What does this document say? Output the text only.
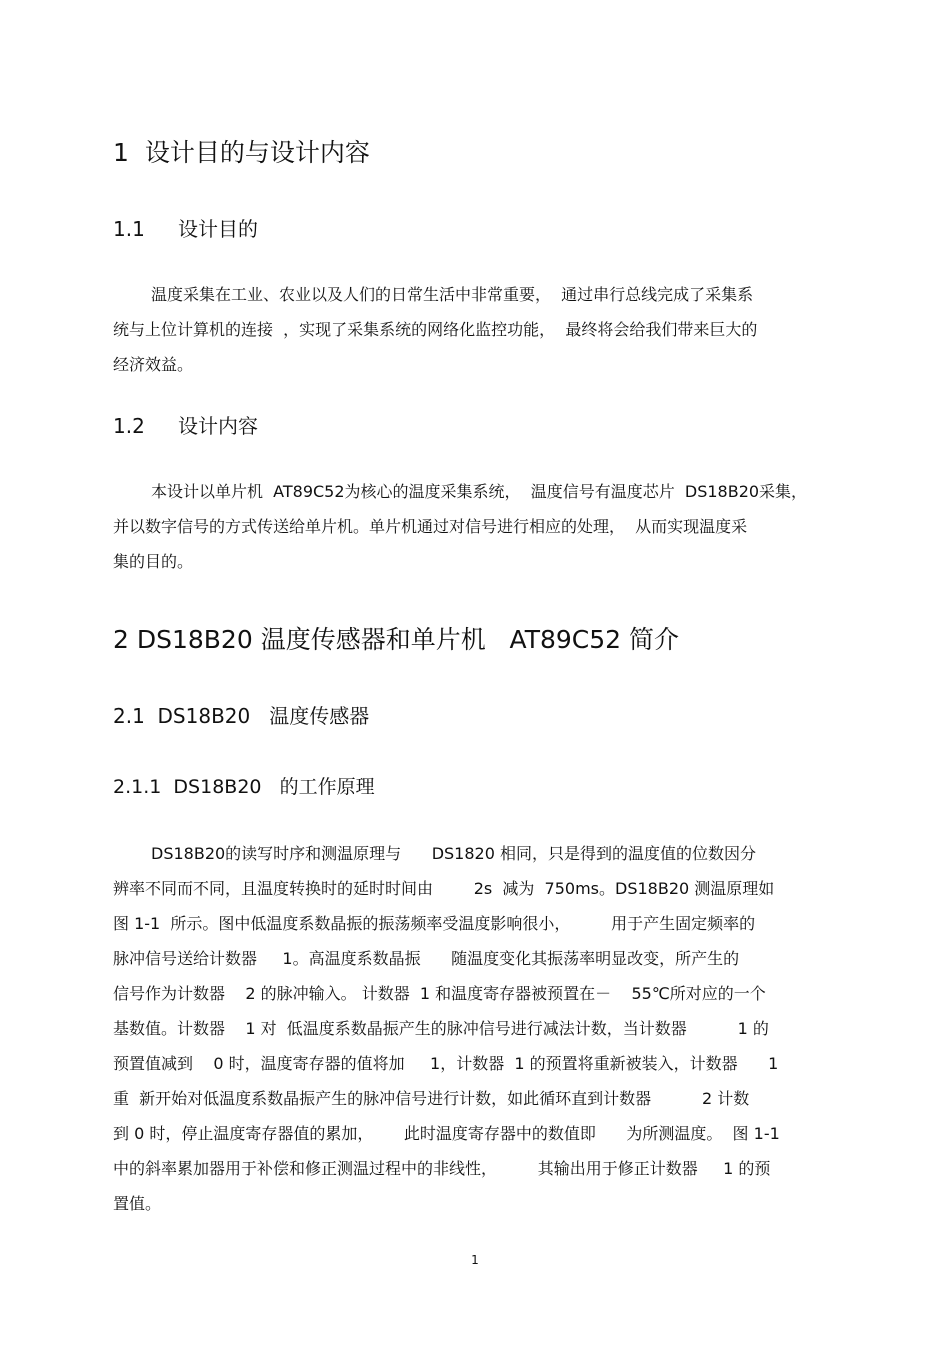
1 设计目的与设计内容
1.1 设计目的
温度采集在工业、农业以及人们的日常生活中非常重要，  通过串行总线完成了采集系
统与上位计算机的连接  ，实现了采集系统的网络化监控功能，  最终将会给我们带来巨大的
经济效益。
1.2 设计内容
本设计以单片机  AT89C52为核心的温度采集系统，  温度信号有温度芯片  DS18B20采集，
并以数字信号的方式传送给单片机。单片机通过对信号进行相应的处理，  从而实现温度采
集的目的。
2 DS18B20 温度传感器和单片机   AT89C52 简介
2.1  DS18B20   温度传感器
2.1.1  DS18B20   的工作原理
DS18B20的读写时序和测温原理与      DS1820 相同，只是得到的温度值的位数因分
辨率不同而不同，且温度转换时的延时时间由        2s  减为  750ms。DS18B20 测温原理如
图 1-1  所示。图中低温度系数晶振的振荡频率受温度影响很小，        用于产生固定频率的
脉冲信号送给计数器     1。高温度系数晶振      随温度变化其振荡率明显改变，所产生的
信号作为计数器    2 的脉冲输入。 计数器  1 和温度寄存器被预置在－    55℃所对应的一个
基数值。计数器    1 对  低温度系数晶振产生的脉冲信号进行减法计数，当计数器          1 的
预置值减到    0 时，温度寄存器的值将加     1，计数器  1 的预置将重新被装入，计数器      1
重  新开始对低温度系数晶振产生的脉冲信号进行计数，如此循环直到计数器          2 计数
到 0 时，停止温度寄存器值的累加，      此时温度寄存器中的数值即      为所测温度。  图 1-1
中的斜率累加器用于补偿和修正测温过程中的非线性，        其输出用于修正计数器     1 的预
置值。
1
